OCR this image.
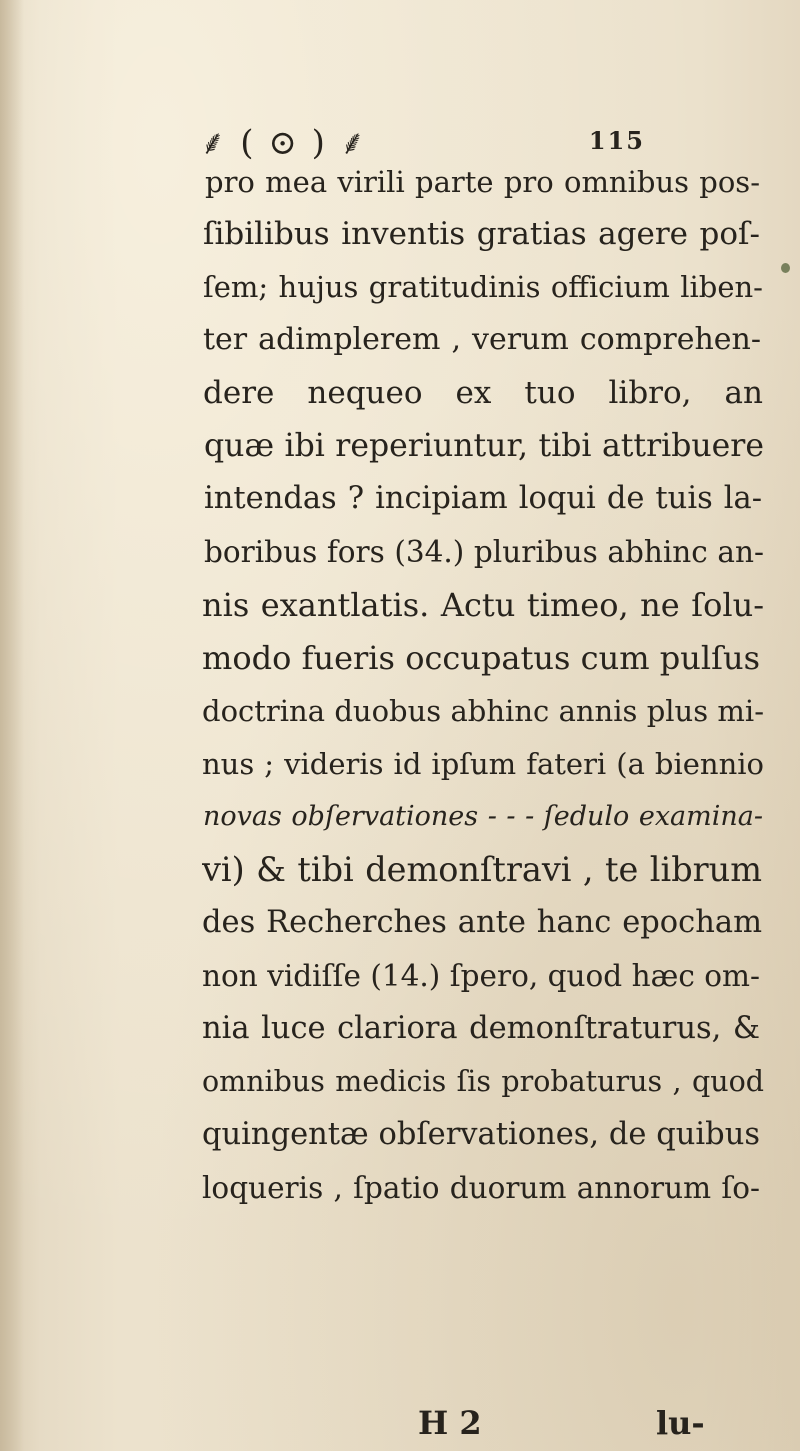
⸙ ( ⊙ ) ⸙	115
pro mea virili parte pro omnibus pos-
ſibilibus inventis gratias agere poſ-
ſem; hujus gratitudinis officium liben-
ter adimplerem , verum comprehen-
dere nequeo ex tuo libro, an
quæ ibi reperiuntur, tibi attribuere
intendas ? incipiam loqui de tuis la-
boribus fors (34.) pluribus abhinc an-
nis exantlatis. Actu timeo, ne ſolu-
modo fueris occupatus cum pulſus
doctrina duobus abhinc annis plus mi-
nus ; videris id ipſum fateri (a biennio
novas obſervationes - - - ſedulo examina-
vi) & tibi demonſtravi , te librum
des Recherches ante hanc epocham
non vidiſſe (14.) ſpero, quod hæc om-
nia luce clariora demonſtraturus, &
omnibus medicis ſis probaturus , quod
quingentæ obſervationes, de quibus
loqueris , ſpatio duorum annorum ſo-
H 2	lu-
